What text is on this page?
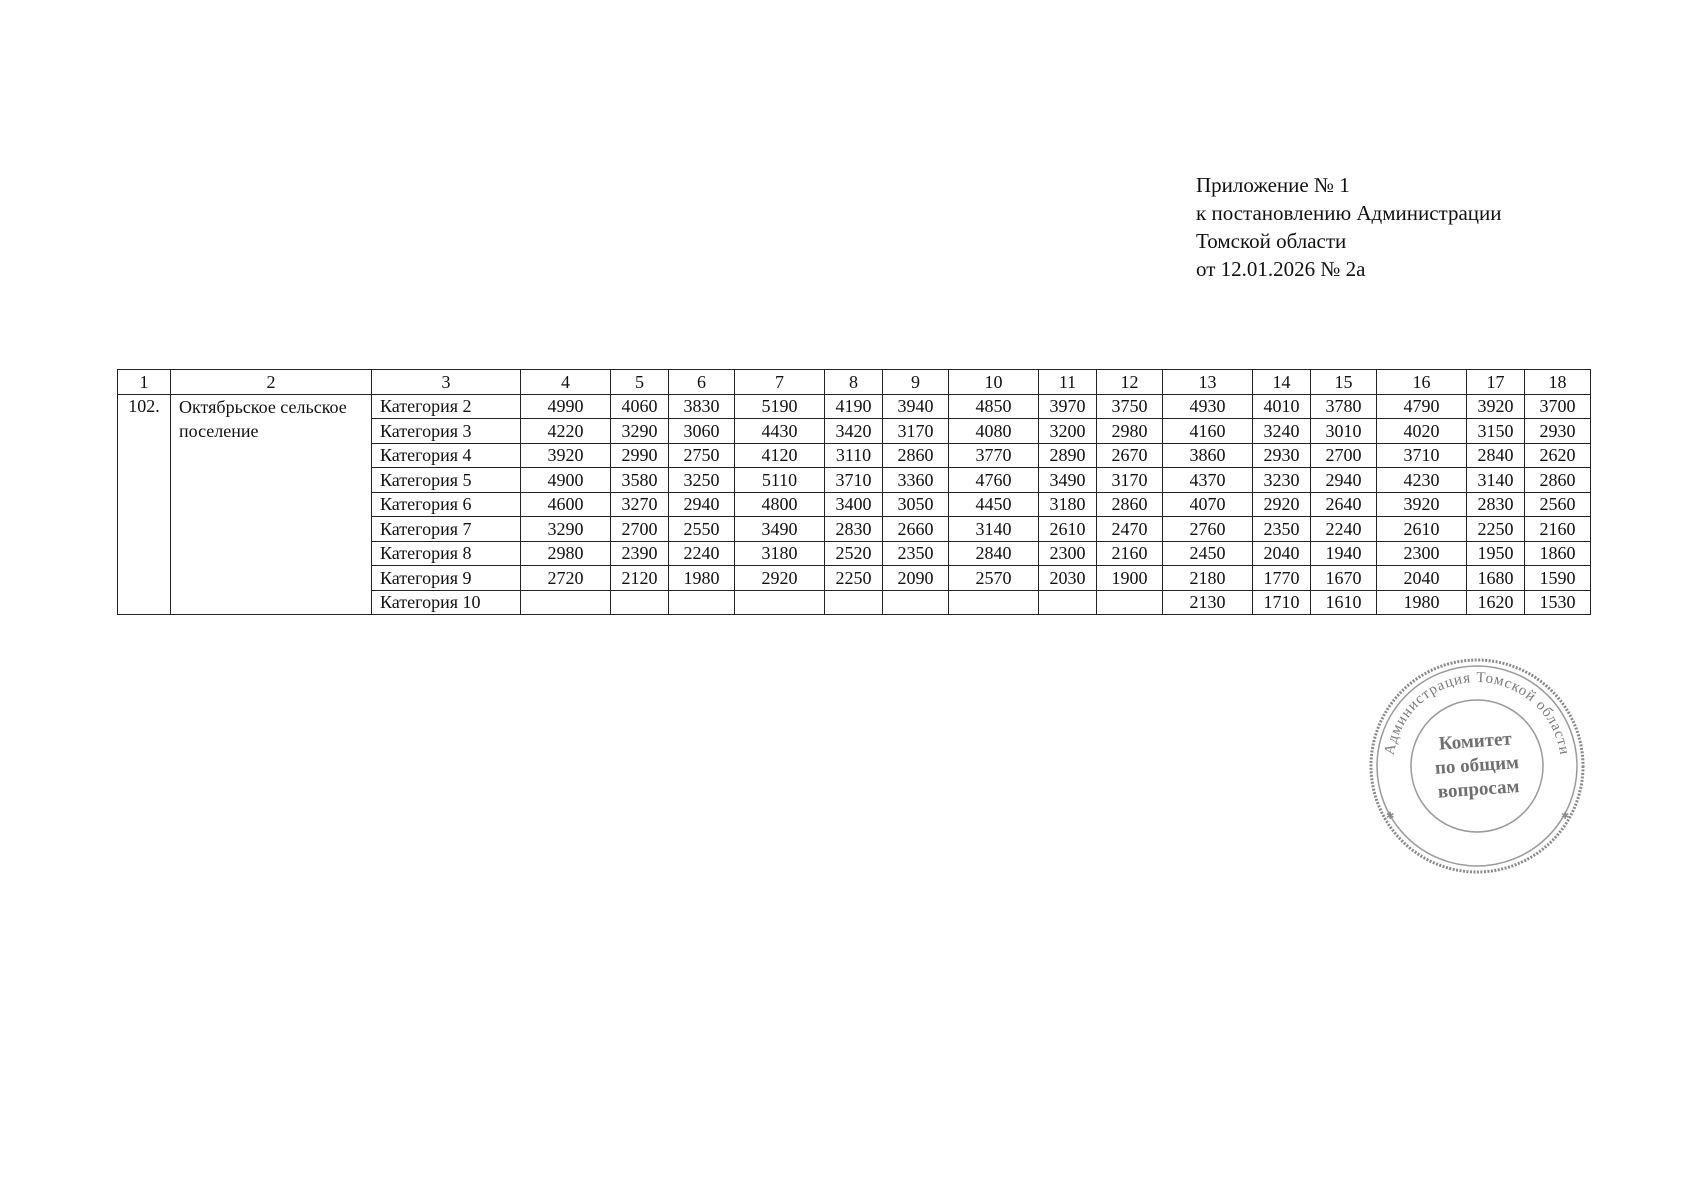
Приложение № 1
к постановлению Администрации
Томской области
от 12.01.2026 № 2а
1	2	3	4	5	6	7	8	9	10	11	12	13	14	15	16	17	18
102.	Октябрьское сельское поселение	Категория 2	4990	4060	3830	5190	4190	3940	4850	3970	3750	4930	4010	3780	4790	3920	3700
		Категория 3	4220	3290	3060	4430	3420	3170	4080	3200	2980	4160	3240	3010	4020	3150	2930
		Категория 4	3920	2990	2750	4120	3110	2860	3770	2890	2670	3860	2930	2700	3710	2840	2620
		Категория 5	4900	3580	3250	5110	3710	3360	4760	3490	3170	4370	3230	2940	4230	3140	2860
		Категория 6	4600	3270	2940	4800	3400	3050	4450	3180	2860	4070	2920	2640	3920	2830	2560
		Категория 7	3290	2700	2550	3490	2830	2660	3140	2610	2470	2760	2350	2240	2610	2250	2160
		Категория 8	2980	2390	2240	3180	2520	2350	2840	2300	2160	2450	2040	1940	2300	1950	1860
		Категория 9	2720	2120	1980	2920	2250	2090	2570	2030	1900	2180	1770	1670	2040	1680	1590
		Категория 10										2130	1710	1610	1980	1620	1530
Администрация Томской области
✱	✱
Комитет
по общим
вопросам
